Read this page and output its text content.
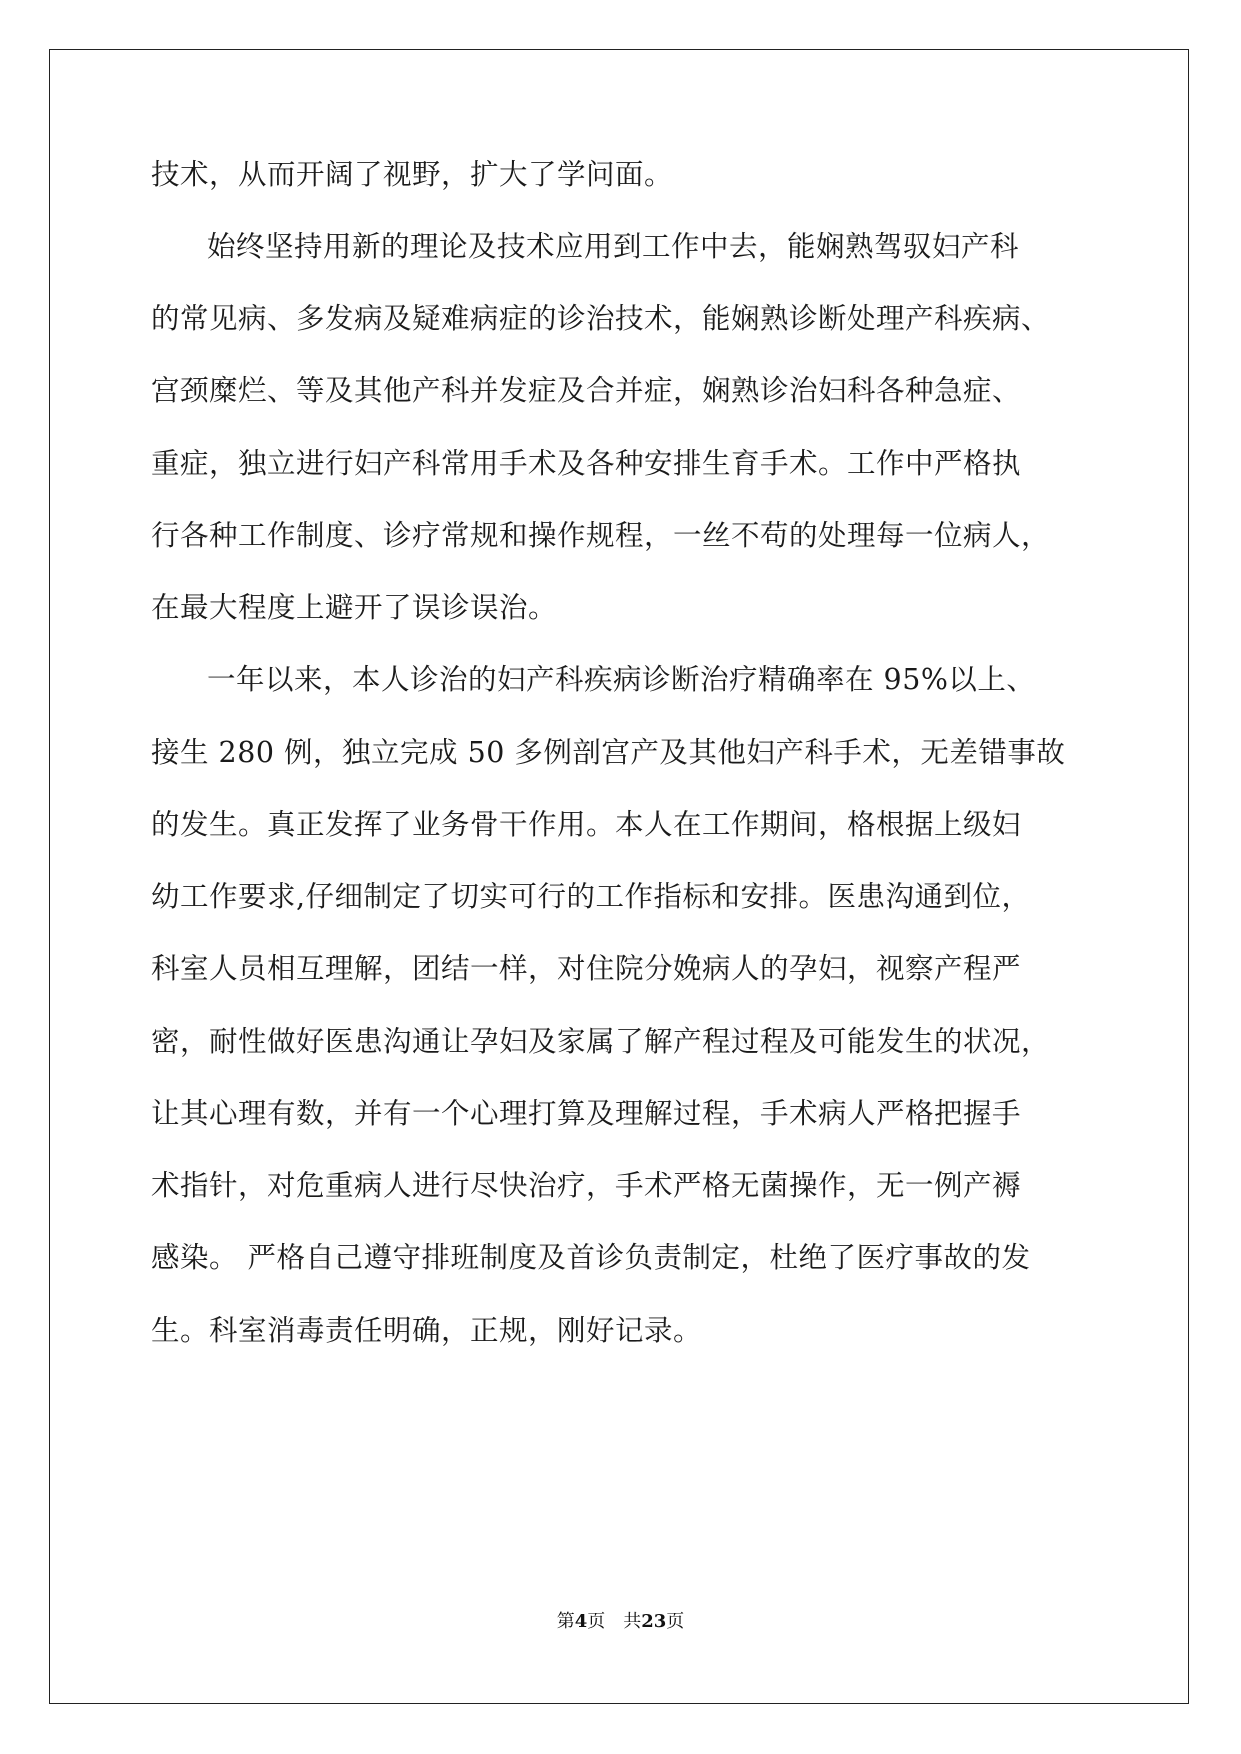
技术，从而开阔了视野，扩大了学问面。
始终坚持用新的理论及技术应用到工作中去，能娴熟驾驭妇产科
的常见病、多发病及疑难病症的诊治技术，能娴熟诊断处理产科疾病、
宫颈糜烂、等及其他产科并发症及合并症，娴熟诊治妇科各种急症、
重症，独立进行妇产科常用手术及各种安排生育手术。工作中严格执
行各种工作制度、诊疗常规和操作规程，一丝不苟的处理每一位病人，
在最大程度上避开了误诊误治。
一年以来，本人诊治的妇产科疾病诊断治疗精确率在 95%以上、
接生 280 例，独立完成 50 多例剖宫产及其他妇产科手术，无差错事故
的发生。真正发挥了业务骨干作用。本人在工作期间，格根据上级妇
幼工作要求,仔细制定了切实可行的工作指标和安排。医患沟通到位，
科室人员相互理解，团结一样，对住院分娩病人的孕妇，视察产程严
密，耐性做好医患沟通让孕妇及家属了解产程过程及可能发生的状况，
让其心理有数，并有一个心理打算及理解过程，手术病人严格把握手
术指针，对危重病人进行尽快治疗，手术严格无菌操作，无一例产褥
感染。 严格自己遵守排班制度及首诊负责制定，杜绝了医疗事故的发
生。科室消毒责任明确，正规，刚好记录。
第4页　共23页
